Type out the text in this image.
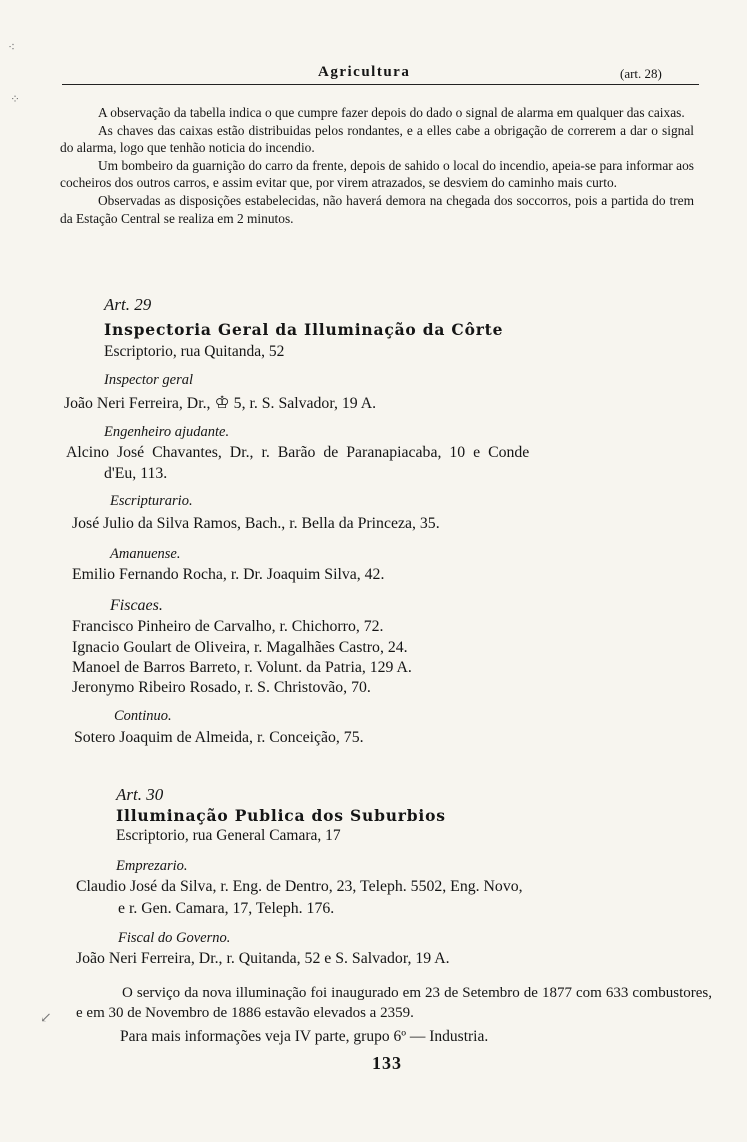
⁖
⁘
↙
Agricultura	(art. 28)

A observação da tabella indica o que cumpre fazer depois do dado o signal de alarma em qualquer das caixas.

As chaves das caixas estão distribuidas pelos rondantes, e a elles cabe a obrigação de correrem a dar o signal do alarma, logo que tenhão noticia do incendio.

Um bombeiro da guarnição do carro da frente, depois de sahido o local do incendio, apeia-se para informar aos cocheiros dos outros carros, e assim evitar que, por virem atrazados, se desviem do caminho mais curto.

Observadas as disposições estabelecidas, não haverá demora na chegada dos soccorros, pois a partida do trem da Estação Central se realiza em 2 minutos.

Art. 29
Inspectoria Geral da Illuminação da Côrte
Escriptorio, rua Quitanda, 52
Inspector geral
João Neri Ferreira, Dr., ♔ 5, r. S. Salvador, 19 A.
Engenheiro ajudante.
Alcino José Chavantes, Dr., r. Barão de Paranapiacaba, 10 e Conde
d'Eu, 113.
Escripturario.
José Julio da Silva Ramos, Bach., r. Bella da Princeza, 35.
Amanuense.
Emilio Fernando Rocha, r. Dr. Joaquim Silva, 42.
Fiscaes.
Francisco Pinheiro de Carvalho, r. Chichorro, 72.
Ignacio Goulart de Oliveira, r. Magalhães Castro, 24.
Manoel de Barros Barreto, r. Volunt. da Patria, 129 A.
Jeronymo Ribeiro Rosado, r. S. Christovão, 70.
Continuo.
Sotero Joaquim de Almeida, r. Conceição, 75.
Art. 30
Illuminação Publica dos Suburbios
Escriptorio, rua General Camara, 17
Emprezario.
Claudio José da Silva, r. Eng. de Dentro, 23, Teleph. 5502, Eng. Novo,
e r. Gen. Camara, 17, Teleph. 176.
Fiscal do Governo.
João Neri Ferreira, Dr., r. Quitanda, 52 e S. Salvador, 19 A.

O serviço da nova illuminação foi inaugurado em 23 de Setembro de 1877 com 633 combustores, e em 30 de Novembro de 1886 estavão elevados a 2359.

Para mais informações veja IV parte, grupo 6º — Industria.
133
